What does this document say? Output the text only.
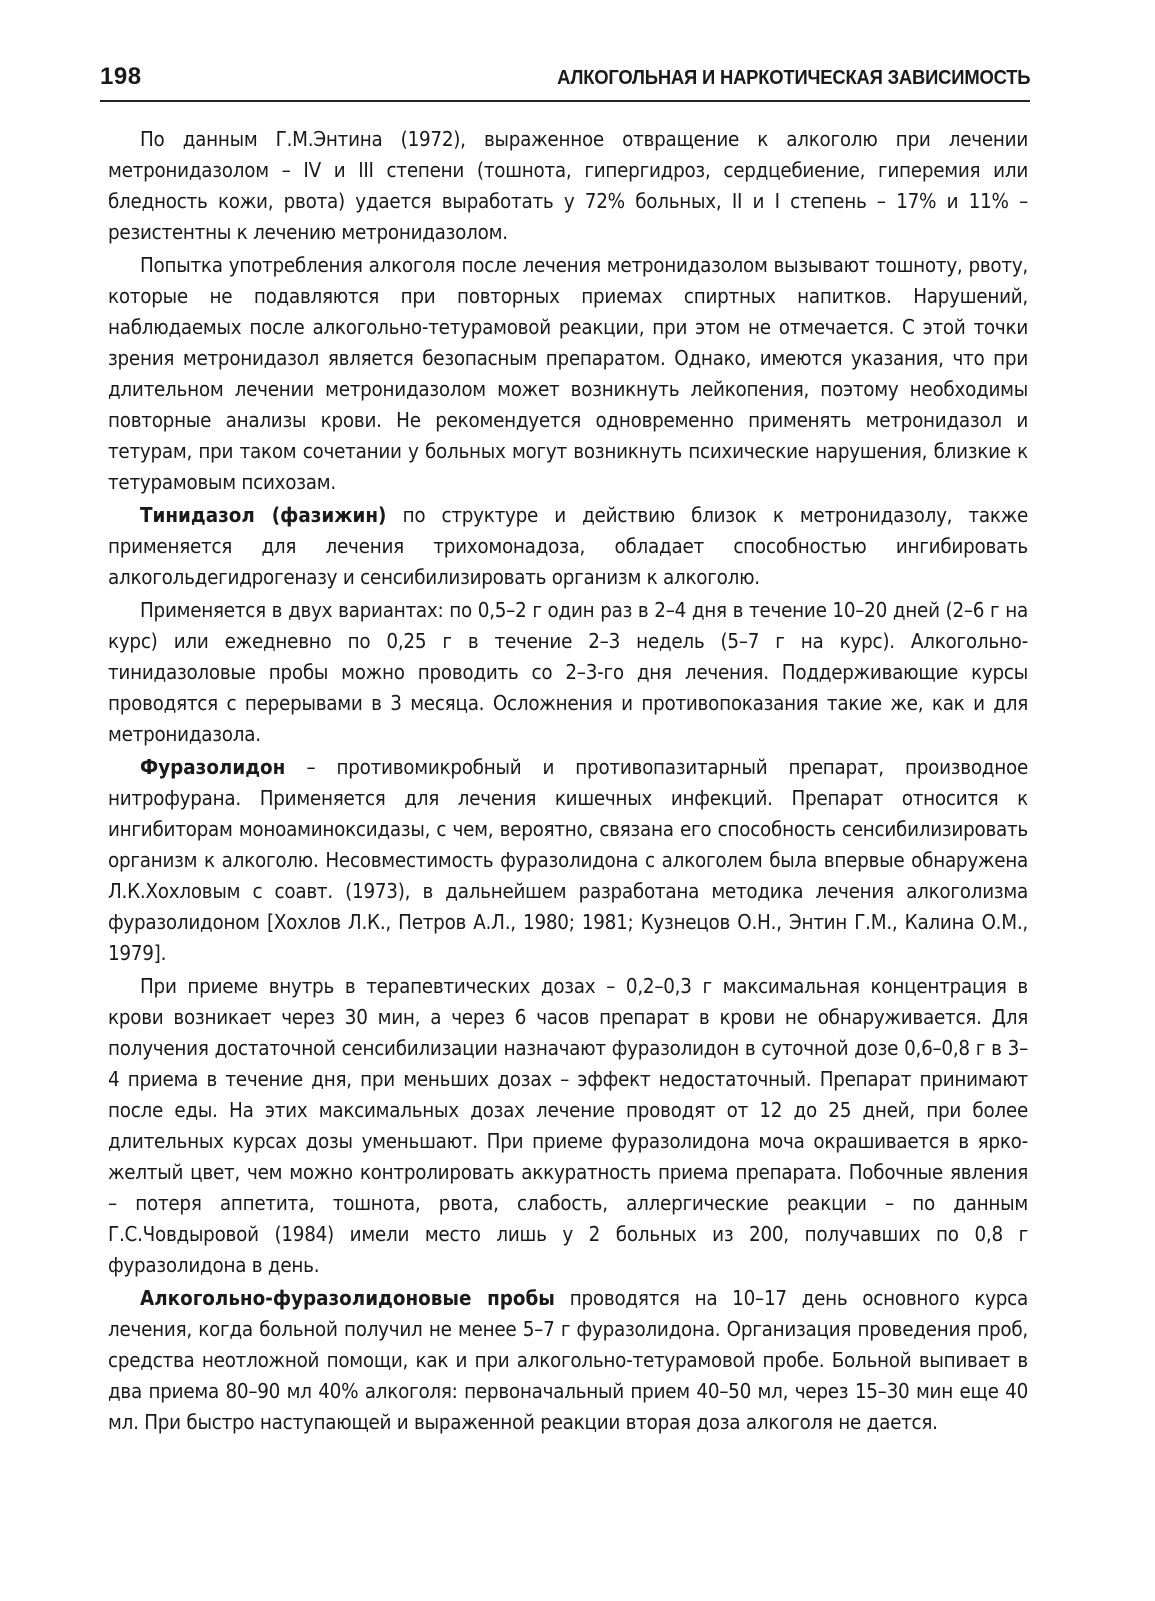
198	АЛКОГОЛЬНАЯ И НАРКОТИЧЕСКАЯ ЗАВИСИМОСТЬ

По данным Г.М.Энтина (1972), выраженное отвращение к алкоголю при лечении метронидазолом – IV и III степени (тошнота, гипергидроз, сердцебиение, гиперемия или бледность кожи, рвота) удается выработать у 72% больных, II и I степень – 17% и 11% – резистентны к лечению метронидазолом.

Попытка употребления алкоголя после лечения метронидазолом вызывают тошноту, рвоту, которые не подавляются при повторных приемах спиртных напитков. Нарушений, наблюдаемых после алкогольно-тетурамовой реакции, при этом не отмечается. С этой точки зрения метронидазол является безопасным препаратом. Однако, имеются указания, что при длительном лечении метронидазолом может возникнуть лейкопения, поэтому необходимы повторные анализы крови. Не рекомендуется одновременно применять метронидазол и тетурам, при таком сочетании у больных могут возникнуть психические нарушения, близкие к тетурамовым психозам.

Тинидазол (фазижин) по структуре и действию близок к метронидазолу, также применяется для лечения трихомонадоза, обладает способностью ингибировать алкогольдегидрогеназу и сенсибилизировать организм к алкоголю.

Применяется в двух вариантах: по 0,5–2 г один раз в 2–4 дня в течение 10–20 дней (2–6 г на курс) или ежедневно по 0,25 г в течение 2–3 недель (5–7 г на курс). Алкогольно-тинидазоловые пробы можно проводить со 2–3-го дня лечения. Поддерживающие курсы проводятся с перерывами в 3 месяца. Осложнения и противопоказания такие же, как и для метронидазола.

Фуразолидон – противомикробный и противопазитарный препарат, производное нитрофурана. Применяется для лечения кишечных инфекций. Препарат относится к ингибиторам моноаминоксидазы, с чем, вероятно, связана его способность сенсибилизировать организм к алкоголю. Несовместимость фуразолидона с алкоголем была впервые обнаружена Л.К.Хохловым с соавт. (1973), в дальнейшем разработана методика лечения алкоголизма фуразолидоном [Хохлов Л.К., Петров А.Л., 1980; 1981; Кузнецов О.Н., Энтин Г.М., Калина О.М., 1979].

При приеме внутрь в терапевтических дозах – 0,2–0,3 г максимальная концентрация в крови возникает через 30 мин, а через 6 часов препарат в крови не обнаруживается. Для получения достаточной сенсибилизации назначают фуразолидон в суточной дозе 0,6–0,8 г в 3–4 приема в течение дня, при меньших дозах – эффект недостаточный. Препарат принимают после еды. На этих максимальных дозах лечение проводят от 12 до 25 дней, при более длительных курсах дозы уменьшают. При приеме фуразолидона моча окрашивается в ярко-желтый цвет, чем можно контролировать аккуратность приема препарата. Побочные явления – потеря аппетита, тошнота, рвота, слабость, аллергические реакции – по данным Г.С.Човдыровой (1984) имели место лишь у 2 больных из 200, получавших по 0,8 г фуразолидона в день.

Алкогольно-фуразолидоновые пробы проводятся на 10–17 день основного курса лечения, когда больной получил не менее 5–7 г фуразолидона. Организация проведения проб, средства неотложной помощи, как и при алкогольно-тетурамовой пробе. Больной выпивает в два приема 80–90 мл 40% алкоголя: первоначальный прием 40–50 мл, через 15–30 мин еще 40 мл. При быстро наступающей и выраженной реакции вторая доза алкоголя не дается.
